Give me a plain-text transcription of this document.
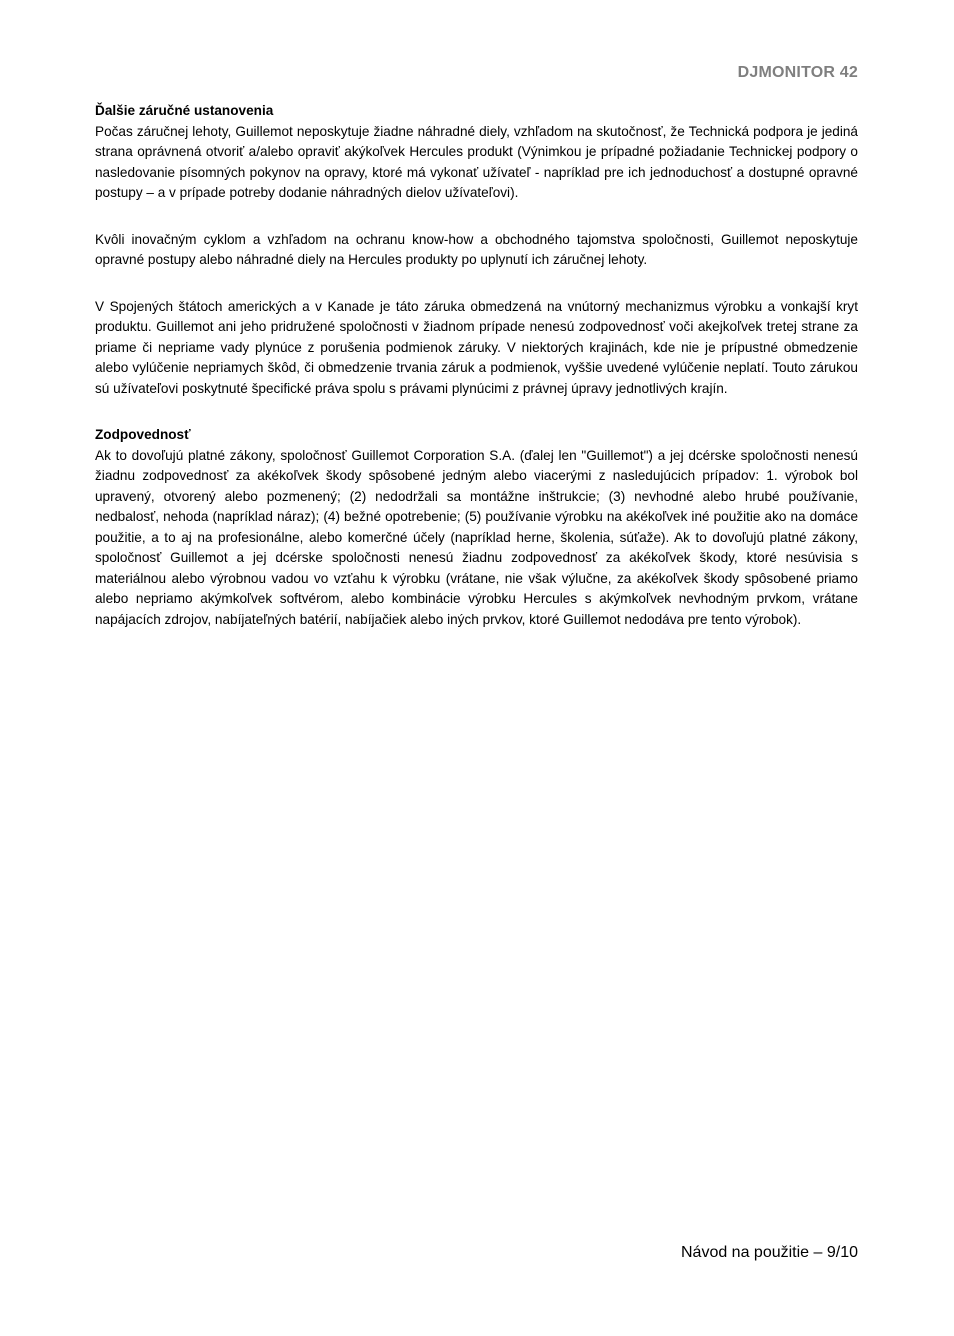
DJMONITOR 42
Ďalšie záručné ustanovenia

Počas záručnej lehoty, Guillemot neposkytuje žiadne náhradné diely, vzhľadom na skutočnosť, že Technická podpora je jediná strana oprávnená otvoriť a/alebo opraviť akýkoľvek Hercules produkt (Výnimkou je prípadné požiadanie Technickej podpory o nasledovanie písomných pokynov na opravy, ktoré má vykonať užívateľ - napríklad pre ich jednoduchosť a dostupné opravné postupy – a v prípade potreby dodanie náhradných dielov užívateľovi).

Kvôli inovačným cyklom a vzhľadom na ochranu know-how a obchodného tajomstva spoločnosti, Guillemot neposkytuje opravné postupy alebo náhradné diely na Hercules produkty po uplynutí ich záručnej lehoty.

V Spojených štátoch amerických a v Kanade je táto záruka obmedzená na vnútorný mechanizmus výrobku a vonkajší kryt produktu. Guillemot ani jeho pridružené spoločnosti v žiadnom prípade nenesú zodpovednosť voči akejkoľvek tretej strane za priame či nepriame vady plynúce z porušenia podmienok záruky. V niektorých krajinách, kde nie je prípustné obmedzenie alebo vylúčenie nepriamych škôd, či obmedzenie trvania záruk a podmienok, vyššie uvedené vylúčenie neplatí. Touto zárukou sú užívateľovi poskytnuté špecifické práva spolu s právami plynúcimi z právnej úpravy jednotlivých krajín.

Zodpovednosť

Ak to dovoľujú platné zákony, spoločnosť Guillemot Corporation S.A. (ďalej len "Guillemot") a jej dcérske spoločnosti nenesú žiadnu zodpovednosť za akékoľvek škody spôsobené jedným alebo viacerými z nasledujúcich prípadov: 1. výrobok bol upravený, otvorený alebo pozmenený; (2) nedodržali sa montážne inštrukcie; (3) nevhodné alebo hrubé používanie, nedbalosť, nehoda (napríklad náraz); (4) bežné opotrebenie; (5) používanie výrobku na akékoľvek iné použitie ako na domáce použitie, a to aj na profesionálne, alebo komerčné účely (napríklad herne, školenia, súťaže). Ak to dovoľujú platné zákony, spoločnosť Guillemot a jej dcérske spoločnosti nenesú žiadnu zodpovednosť za akékoľvek škody, ktoré nesúvisia s materiálnou alebo výrobnou vadou vo vzťahu k výrobku (vrátane, nie však výlučne, za akékoľvek škody spôsobené priamo alebo nepriamo akýmkoľvek softvérom, alebo kombinácie výrobku Hercules s akýmkoľvek nevhodným prvkom, vrátane napájacích zdrojov, nabíjateľných batérií, nabíjačiek alebo iných prvkov, ktoré Guillemot nedodáva pre tento výrobok).

Návod na použitie – 9/10
